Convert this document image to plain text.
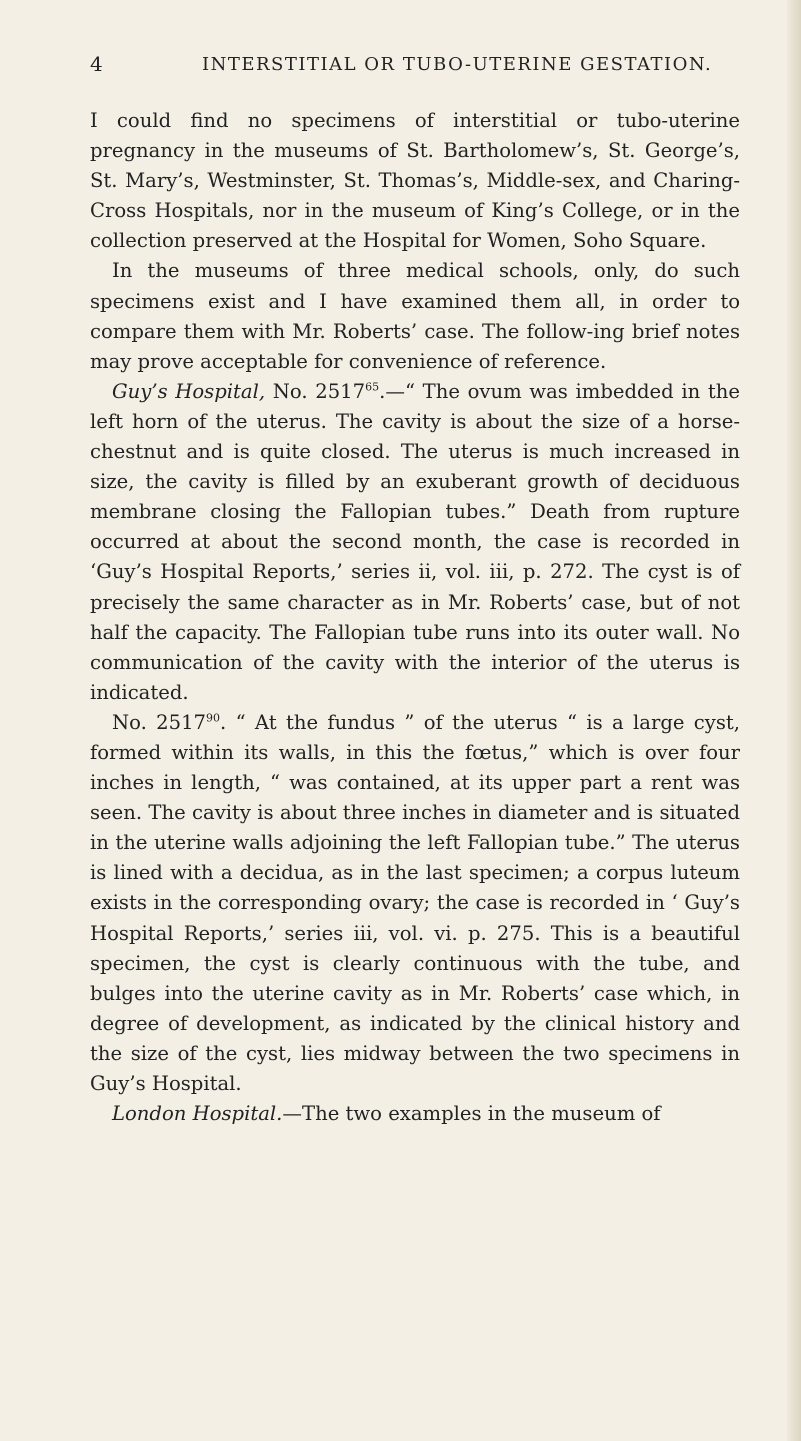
4	INTERSTITIAL OR TUBO-UTERINE GESTATION.

I could find no specimens of interstitial or tubo-uterine pregnancy in the museums of St. Bartholomew’s, St. George’s, St. Mary’s, Westminster, St. Thomas’s, Middle-sex, and Charing-Cross Hospitals, nor in the museum of King’s College, or in the collection preserved at the Hospital for Women, Soho Square.

In the museums of three medical schools, only, do such specimens exist and I have examined them all, in order to compare them with Mr. Roberts’ case. The follow-ing brief notes may prove acceptable for convenience of reference.

Guy’s Hospital, No. 2517$^{65}$.—“ The ovum was imbedded in the left horn of the uterus. The cavity is about the size of a horse-chestnut and is quite closed. The uterus is much increased in size, the cavity is filled by an exuberant growth of deciduous membrane closing the Fallopian tubes.” Death from rupture occurred at about the second month, the case is recorded in ‘Guy’s Hospital Reports,’ series ii, vol. iii, p. 272. The cyst is of precisely the same character as in Mr. Roberts’ case, but of not half the capacity. The Fallopian tube runs into its outer wall. No communication of the cavity with the interior of the uterus is indicated.

No. 2517$^{90}$. “ At the fundus ” of the uterus “ is a large cyst, formed within its walls, in this the fœtus,” which is over four inches in length, “ was contained, at its upper part a rent was seen. The cavity is about three inches in diameter and is situated in the uterine walls adjoining the left Fallopian tube.” The uterus is lined with a decidua, as in the last specimen; a corpus luteum exists in the corresponding ovary; the case is recorded in ‘ Guy’s Hospital Reports,’ series iii, vol. vi. p. 275. This is a beautiful specimen, the cyst is clearly continuous with the tube, and bulges into the uterine cavity as in Mr. Roberts’ case which, in degree of development, as indicated by the clinical history and the size of the cyst, lies midway between the two specimens in Guy’s Hospital.

London Hospital.—The two examples in the museum of
